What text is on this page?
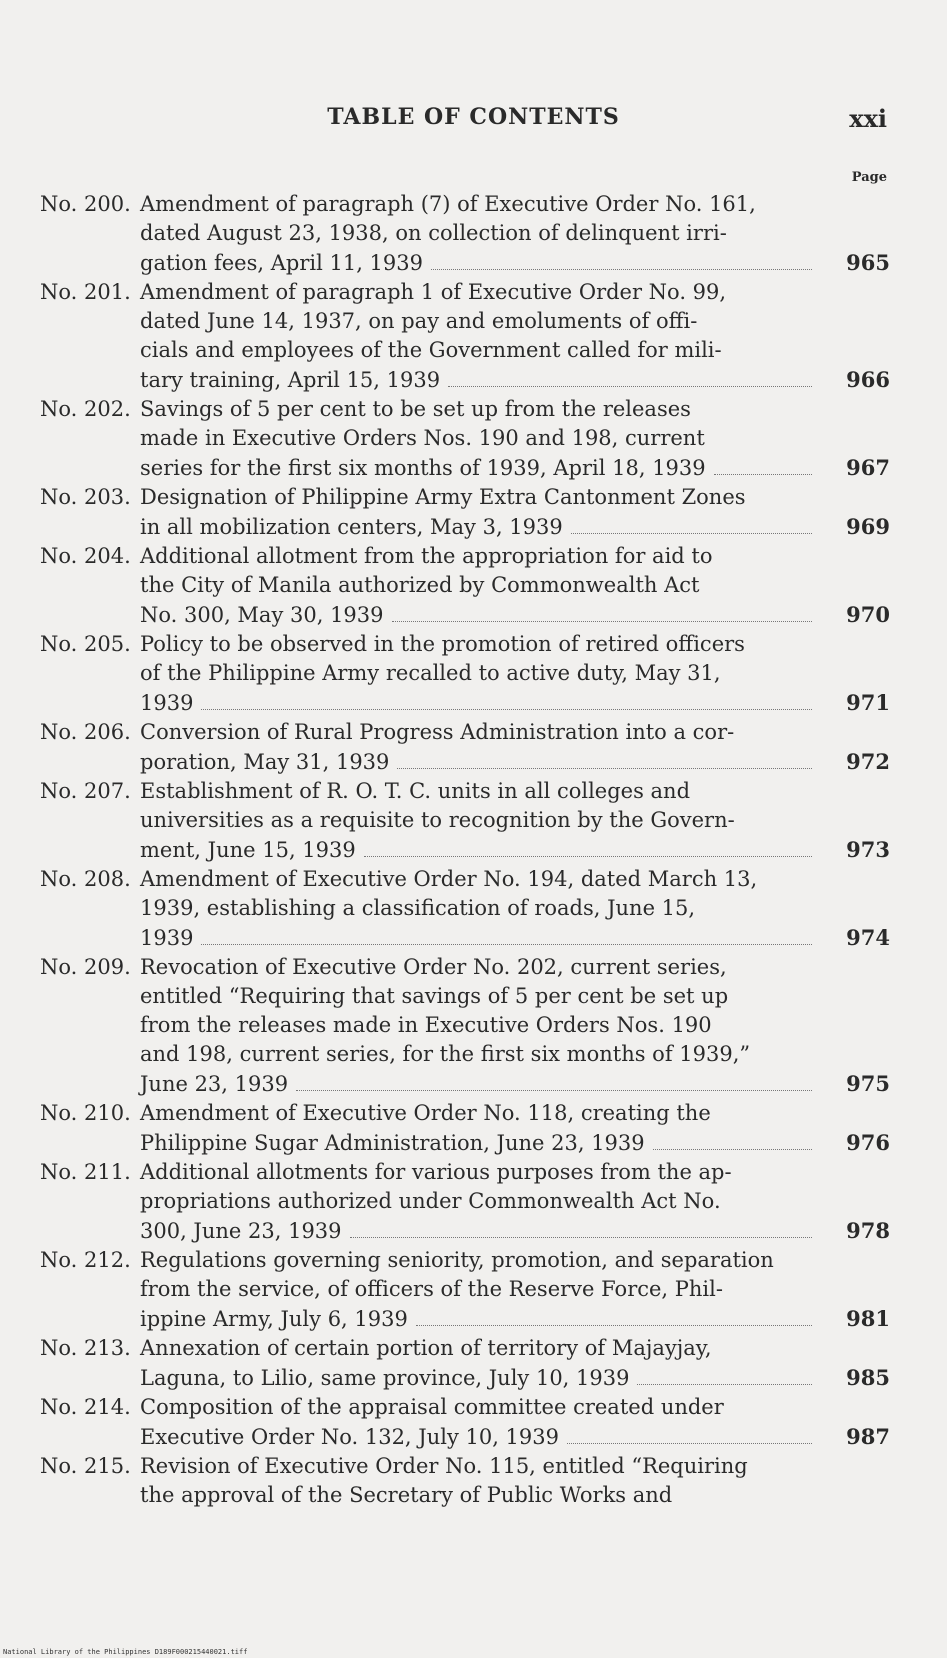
TABLE OF CONTENTS	xxi
Page
No. 200. Amendment of paragraph (7) of Executive Order No. 161,
dated August 23, 1938, on collection of delinquent irri-
gation fees, April 11, 1939	965
No. 201. Amendment of paragraph 1 of Executive Order No. 99,
dated June 14, 1937, on pay and emoluments of offi-
cials and employees of the Government called for mili-
tary training, April 15, 1939	966
No. 202. Savings of 5 per cent to be set up from the releases
made in Executive Orders Nos. 190 and 198, current
series for the first six months of 1939, April 18, 1939	967
No. 203. Designation of Philippine Army Extra Cantonment Zones
in all mobilization centers, May 3, 1939	969
No. 204. Additional allotment from the appropriation for aid to
the City of Manila authorized by Commonwealth Act
No. 300, May 30, 1939	970
No. 205. Policy to be observed in the promotion of retired officers
of the Philippine Army recalled to active duty, May 31,
1939	971
No. 206. Conversion of Rural Progress Administration into a cor-
poration, May 31, 1939	972
No. 207. Establishment of R. O. T. C. units in all colleges and
universities as a requisite to recognition by the Govern-
ment, June 15, 1939	973
No. 208. Amendment of Executive Order No. 194, dated March 13,
1939, establishing a classification of roads, June 15,
1939	974
No. 209. Revocation of Executive Order No. 202, current series,
entitled “Requiring that savings of 5 per cent be set up
from the releases made in Executive Orders Nos. 190
and 198, current series, for the first six months of 1939,”
June 23, 1939	975
No. 210. Amendment of Executive Order No. 118, creating the
Philippine Sugar Administration, June 23, 1939	976
No. 211. Additional allotments for various purposes from the ap-
propriations authorized under Commonwealth Act No.
300, June 23, 1939	978
No. 212. Regulations governing seniority, promotion, and separation
from the service, of officers of the Reserve Force, Phil-
ippine Army, July 6, 1939	981
No. 213. Annexation of certain portion of territory of Majayjay,
Laguna, to Lilio, same province, July 10, 1939	985
No. 214. Composition of the appraisal committee created under
Executive Order No. 132, July 10, 1939	987
No. 215. Revision of Executive Order No. 115, entitled “Requiring
the approval of the Secretary of Public Works and
National Library of the Philippines D189F000215440021.tiff
